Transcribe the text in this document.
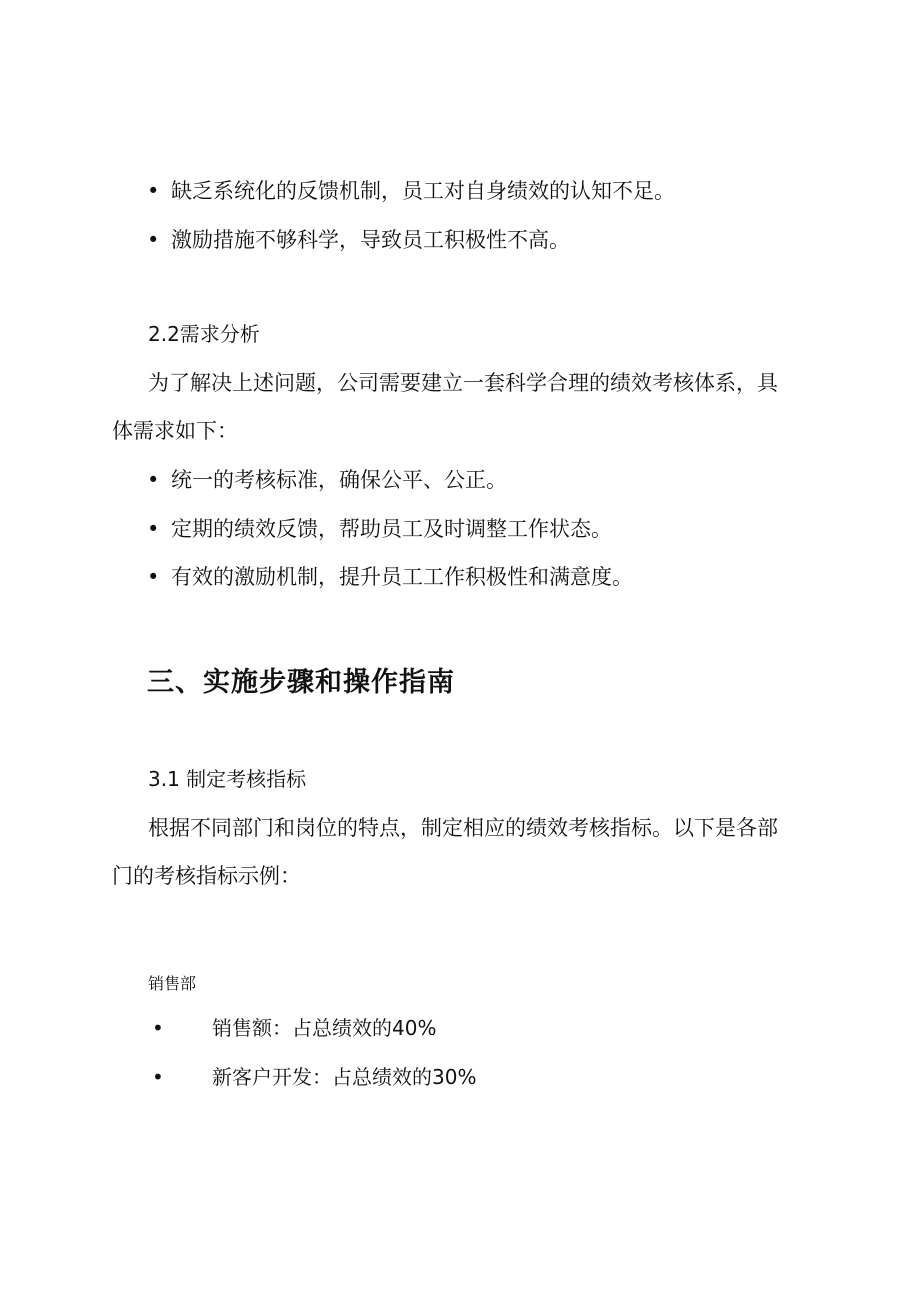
• 缺乏系统化的反馈机制，员工对自身绩效的认知不足。

• 激励措施不够科学，导致员工积极性不高。

2.2需求分析

为了解决上述问题，公司需要建立一套科学合理的绩效考核体系，具

体需求如下：

• 统一的考核标准，确保公平、公正。

• 定期的绩效反馈，帮助员工及时调整工作状态。

• 有效的激励机制，提升员工工作积极性和满意度。

三、实施步骤和操作指南

3.1 制定考核指标

根据不同部门和岗位的特点，制定相应的绩效考核指标。以下是各部

门的考核指标示例：

销售部

• 销售额：占总绩效的40%

• 新客户开发：占总绩效的30%
